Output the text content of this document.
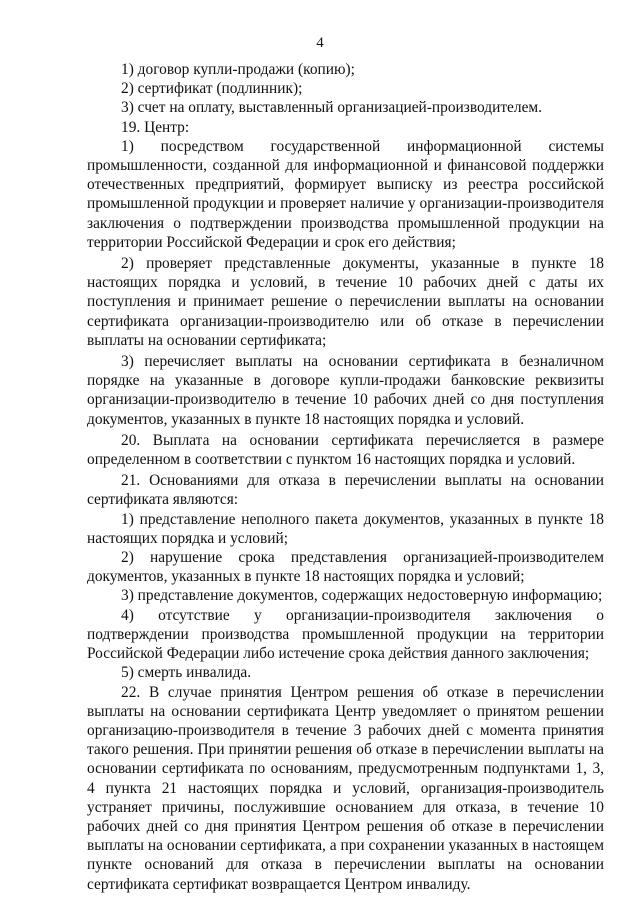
4

1) договор купли-продажи (копию);

2) сертификат (подлинник);

3) счет на оплату, выставленный организацией-производителем.

19. Центр:

1) посредством государственной информационной системы промышленности, созданной для информационной и финансовой поддержки отечественных предприятий, формирует выписку из реестра российской промышленной продукции и проверяет наличие у организации-производителя заключения о подтверждении производства промышленной продукции на территории Российской Федерации и срок его действия;

2) проверяет представленные документы, указанные в пункте 18 настоящих порядка и условий, в течение 10 рабочих дней с даты их поступления и принимает решение о перечислении выплаты на основании сертификата организации-производителю или об отказе в перечислении выплаты на основании сертификата;

3) перечисляет выплаты на основании сертификата в безналичном порядке на указанные в договоре купли-продажи банковские реквизиты организации-производителю в течение 10 рабочих дней со дня поступления документов, указанных в пункте 18 настоящих порядка и условий.

20. Выплата на основании сертификата перечисляется в размере определенном в соответствии с пунктом 16 настоящих порядка и условий.

21. Основаниями для отказа в перечислении выплаты на основании сертификата являются:

1) представление неполного пакета документов, указанных в пункте 18 настоящих порядка и условий;

2) нарушение срока представления организацией-производителем документов, указанных в пункте 18 настоящих порядка и условий;

3) представление документов, содержащих недостоверную информацию;

4) отсутствие у организации-производителя заключения о подтверждении производства промышленной продукции на территории Российской Федерации либо истечение срока действия данного заключения;

5) смерть инвалида.

22. В случае принятия Центром решения об отказе в перечислении выплаты на основании сертификата Центр уведомляет о принятом решении организацию-производителя в течение 3 рабочих дней с момента принятия такого решения. При принятии решения об отказе в перечислении выплаты на основании сертификата по основаниям, предусмотренным подпунктами 1, 3, 4 пункта 21 настоящих порядка и условий, организация-производитель устраняет причины, послужившие основанием для отказа, в течение 10 рабочих дней со дня принятия Центром решения об отказе в перечислении выплаты на основании сертификата, а при сохранении указанных в настоящем пункте оснований для отказа в перечислении выплаты на основании сертификата сертификат возвращается Центром инвалиду.
